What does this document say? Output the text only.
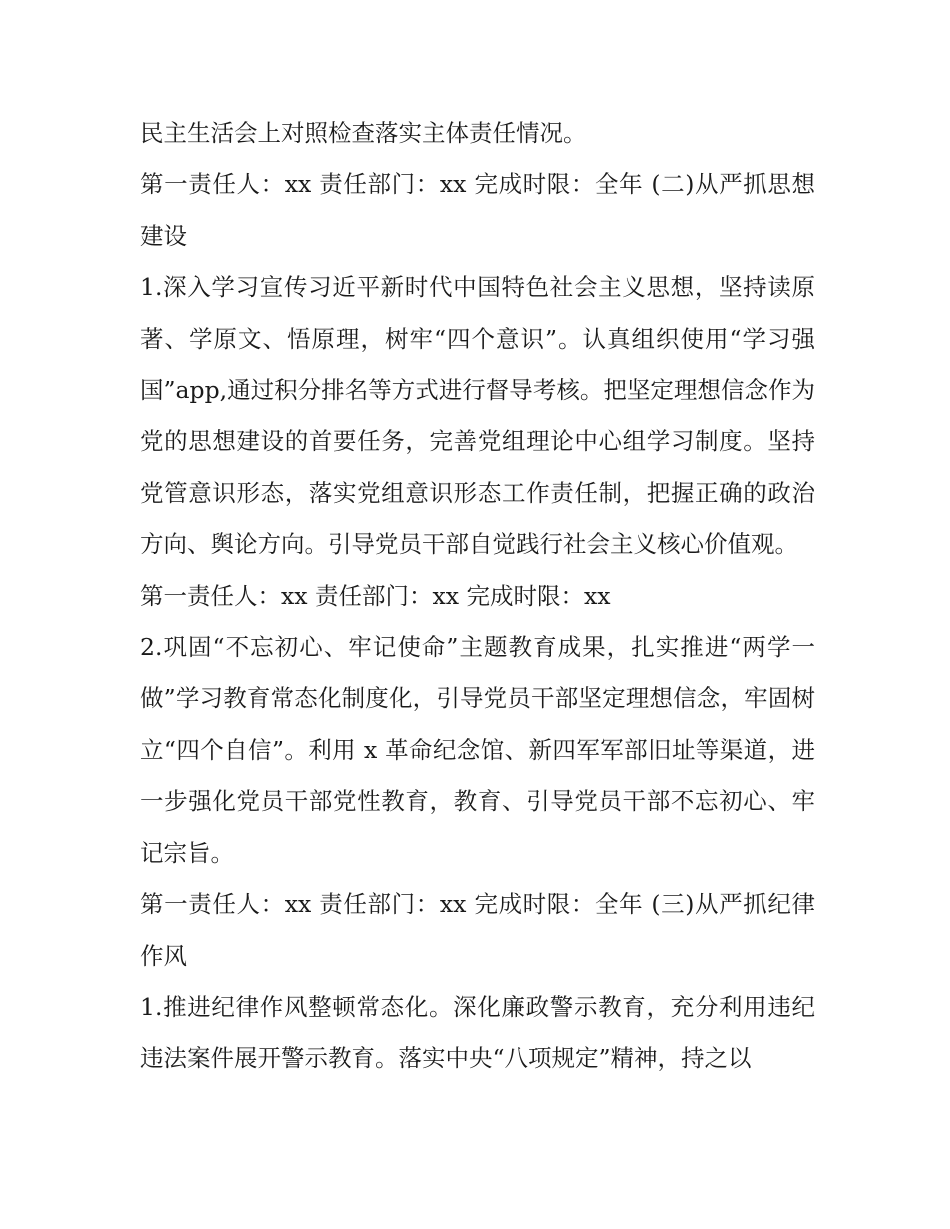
民主生活会上对照检查落实主体责任情况。

第一责任人：xx 责任部门：xx 完成时限：全年 (二)从严抓思想建设

1.深入学习宣传习近平新时代中国特色社会主义思想，坚持读原著、学原文、悟原理，树牢“四个意识”。认真组织使用“学习强国”app,通过积分排名等方式进行督导考核。把坚定理想信念作为党的思想建设的首要任务，完善党组理论中心组学习制度。坚持党管意识形态，落实党组意识形态工作责任制，把握正确的政治方向、舆论方向。引导党员干部自觉践行社会主义核心价值观。

第一责任人：xx 责任部门：xx 完成时限：xx

2.巩固“不忘初心、牢记使命”主题教育成果，扎实推进“两学一做”学习教育常态化制度化，引导党员干部坚定理想信念，牢固树立“四个自信”。利用 x 革命纪念馆、新四军军部旧址等渠道，进一步强化党员干部党性教育，教育、引导党员干部不忘初心、牢记宗旨。

第一责任人：xx 责任部门：xx 完成时限：全年 (三)从严抓纪律作风

1.推进纪律作风整顿常态化。深化廉政警示教育，充分利用违纪违法案件展开警示教育。落实中央“八项规定”精神，持之以
